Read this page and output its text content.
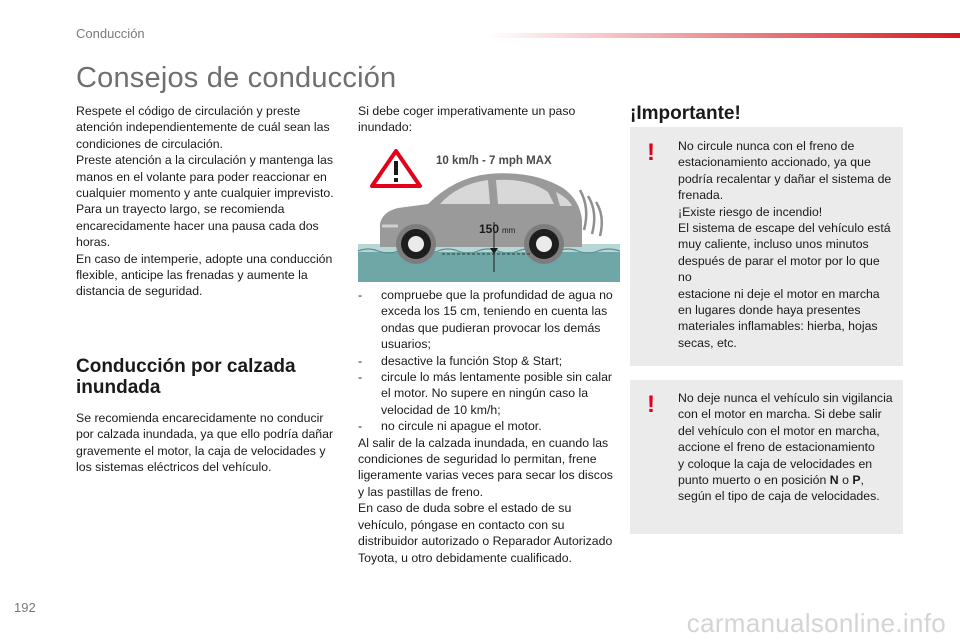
Conducción
Consejos de conducción

Respete el código de circulación y preste

atención independientemente de cuál sean las

condiciones de circulación.

Preste atención a la circulación y mantenga las

manos en el volante para poder reaccionar en

cualquier momento y ante cualquier imprevisto.

Para un trayecto largo, se recomienda

encarecidamente hacer una pausa cada dos

horas.

En caso de intemperie, adopte una conducción

flexible, anticipe las frenadas y aumente la

distancia de seguridad.

Conducción por calzada
inundada

Se recomienda encarecidamente no conducir

por calzada inundada, ya que ello podría dañar

gravemente el motor, la caja de velocidades y

los sistemas eléctricos del vehículo.

Si debe coger imperativamente un paso

inundado:

10 km/h - 7 mph MAX
150 mm

- compruebe que la profundidad de agua no

exceda los 15 cm, teniendo en cuenta las

ondas que pudieran provocar los demás

usuarios;

- desactive la función Stop & Start;

- circule lo más lentamente posible sin calar

el motor. No supere en ningún caso la

velocidad de 10 km/h;

- no circule ni apague el motor.

Al salir de la calzada inundada, en cuando las

condiciones de seguridad lo permitan, frene

ligeramente varias veces para secar los discos

y las pastillas de freno.

En caso de duda sobre el estado de su

vehículo, póngase en contacto con su

distribuidor autorizado o Reparador Autorizado

Toyota, u otro debidamente cualificado.

¡Importante!
! No circule nunca con el freno de

estacionamiento accionado, ya que

podría recalentar y dañar el sistema de

frenada.

¡Existe riesgo de incendio!

El sistema de escape del vehículo está

muy caliente, incluso unos minutos

después de parar el motor por lo que no

estacione ni deje el motor en marcha

en lugares donde haya presentes

materiales inflamables: hierba, hojas

secas, etc.

! No deje nunca el vehículo sin vigilancia

con el motor en marcha. Si debe salir

del vehículo con el motor en marcha,

accione el freno de estacionamiento

y coloque la caja de velocidades en

punto muerto o en posición N o P,

según el tipo de caja de velocidades.

192
carmanualsonline.info
